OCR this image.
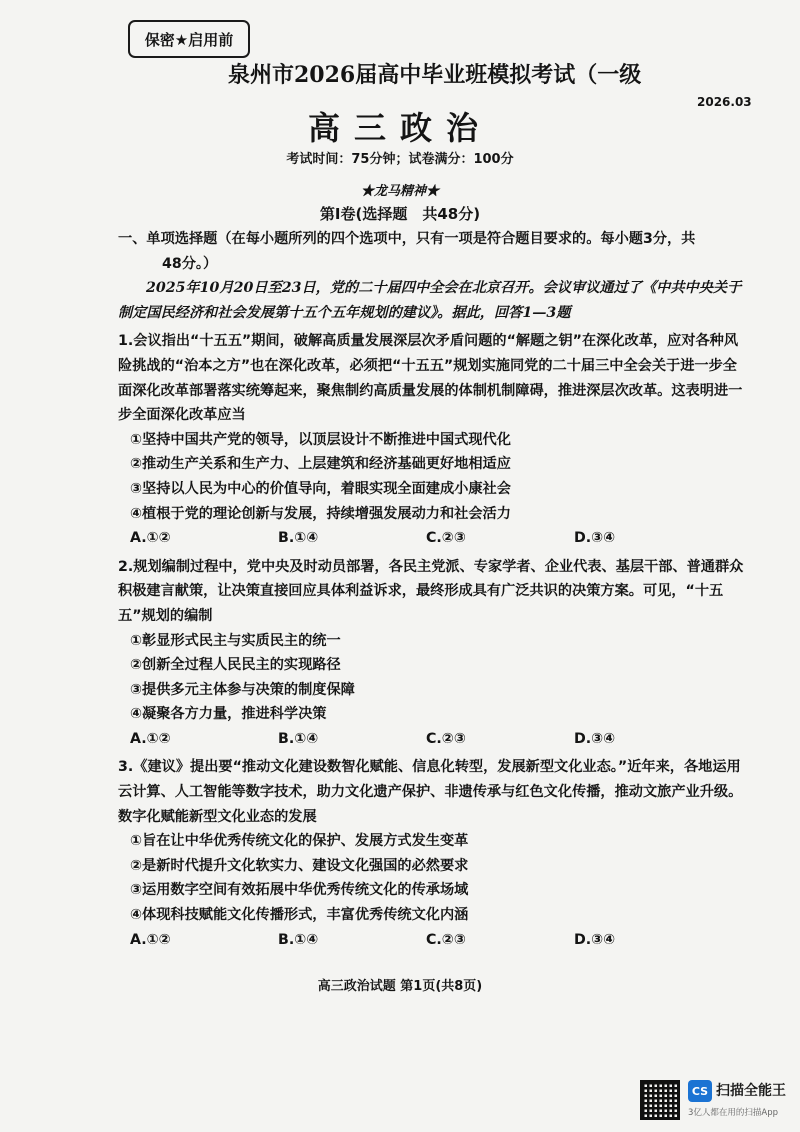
保密★启用前
泉州市2026届高中毕业班模拟考试（一级
2026.03
高三政治
考试时间：75分钟；试卷满分：100分
★龙马精神★
第Ⅰ卷(选择题　共48分)

一、单项选择题（在每小题所列的四个选项中，只有一项是符合题目要求的。每小题3分，共

48分。）

2025年10月20日至23日，党的二十届四中全会在北京召开。会议审议通过了《中共中央关于制定国民经济和社会发展第十五个五年规划的建议》。据此，回答1—3题

1.会议指出“十五五”期间，破解高质量发展深层次矛盾问题的“解题之钥”在深化改革，应对各种风险挑战的“治本之方”也在深化改革，必须把“十五五”规划实施同党的二十届三中全会关于进一步全面深化改革部署落实统筹起来，聚焦制约高质量发展的体制机制障碍，推进深层次改革。这表明进一步全面深化改革应当

①坚持中国共产党的领导，以顶层设计不断推进中国式现代化

②推动生产关系和生产力、上层建筑和经济基础更好地相适应

③坚持以人民为中心的价值导向，着眼实现全面建成小康社会

④植根于党的理论创新与发展，持续增强发展动力和社会活力

A.①②	B.①④	C.②③	D.③④

2.规划编制过程中，党中央及时动员部署，各民主党派、专家学者、企业代表、基层干部、普通群众积极建言献策，让决策直接回应具体利益诉求，最终形成具有广泛共识的决策方案。可见，“十五五”规划的编制

①彰显形式民主与实质民主的统一

②创新全过程人民民主的实现路径

③提供多元主体参与决策的制度保障

④凝聚各方力量，推进科学决策

A.①②	B.①④	C.②③	D.③④

3.《建议》提出要“推动文化建设数智化赋能、信息化转型，发展新型文化业态。”近年来，各地运用云计算、人工智能等数字技术，助力文化遗产保护、非遗传承与红色文化传播，推动文旅产业升级。数字化赋能新型文化业态的发展

①旨在让中华优秀传统文化的保护、发展方式发生变革

②是新时代提升文化软实力、建设文化强国的必然要求

③运用数字空间有效拓展中华优秀传统文化的传承场域

④体现科技赋能文化传播形式，丰富优秀传统文化内涵

A.①②	B.①④	C.②③	D.③④
高三政治试题 第1页(共8页)
CS 扫描全能王
3亿人都在用的扫描App
